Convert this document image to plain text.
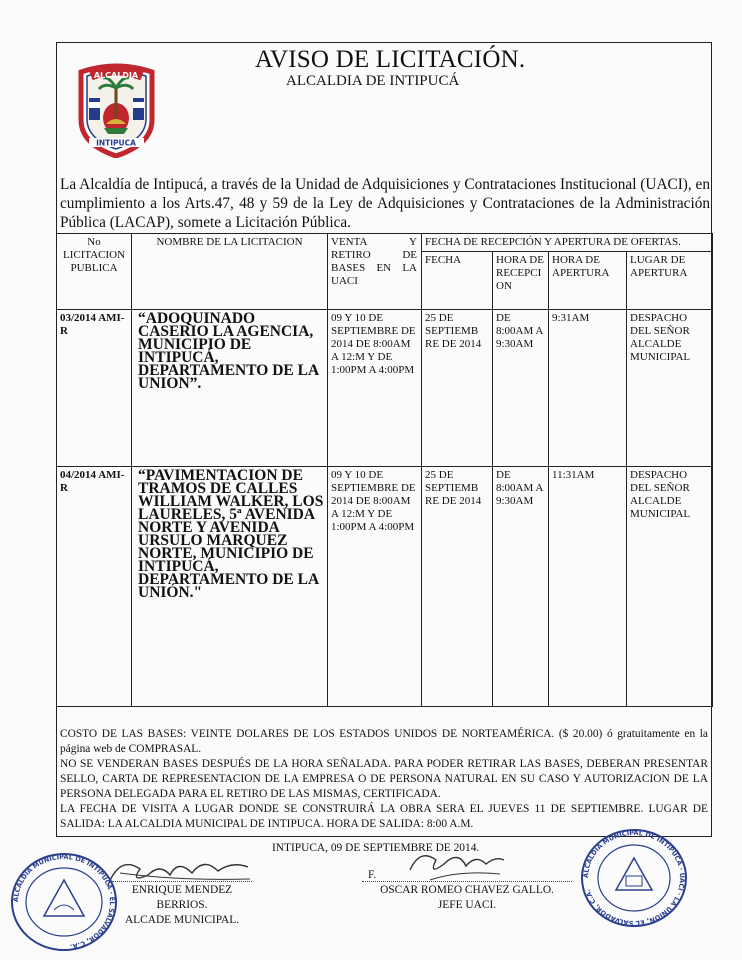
ALCALDIA
INTIPUCA
AVISO DE LICITACIÓN.
ALCALDIA DE INTIPUCÁ
La Alcaldía de Intipucá, a través de la Unidad de Adquisiciones y Contrataciones Institucional (UACI), en cumplimiento a los Arts.47, 48 y 59 de la Ley de Adquisiciones y Contrataciones de la Administración Pública (LACAP), somete a Licitación Pública.
No LICITACION PUBLICA	NOMBRE DE LA LICITACION	VENTA Y RETIRO DE BASES EN LA UACI	FECHA DE RECEPCIÓN Y APERTURA DE OFERTAS.			
			FECHA	HORA DE RECEPCI ON	HORA DE APERTURA	LUGAR DE APERTURA
03/2014 AMI-R	“ADOQUINADO CASERIO LA AGENCIA, MUNICIPIO DE INTIPUCÁ, DEPARTAMENTO DE LA UNION”.	09 Y 10 DE SEPTIEMBRE DE 2014 DE 8:00AM A 12:M Y DE 1:00PM A 4:00PM	25 DE SEPTIEMB RE DE 2014	DE 8:00AM A 9:30AM	9:31AM	DESPACHO DEL SEÑOR ALCALDE MUNICIPAL
04/2014 AMI-R	“PAVIMENTACION DE TRAMOS DE CALLES WILLIAM WALKER, LOS LAURELES, 5ª AVENIDA NORTE Y AVENIDA URSULO MARQUEZ NORTE, MUNICIPIO DE INTIPUCÁ, DEPARTAMENTO DE LA UNIÓN."	09 Y 10 DE SEPTIEMBRE DE 2014 DE 8:00AM A 12:M Y DE 1:00PM A 4:00PM	25 DE SEPTIEMB RE DE 2014	DE 8:00AM A 9:30AM	11:31AM	DESPACHO DEL SEÑOR ALCALDE MUNICIPAL

COSTO DE LAS BASES: VEINTE DOLARES DE LOS ESTADOS UNIDOS DE NORTEAMÉRICA. ($ 20.00) ó gratuitamente en la página web de COMPRASAL.

NO SE VENDERAN BASES DESPUÉS DE LA HORA SEÑALADA. PARA PODER RETIRAR LAS BASES, DEBERAN PRESENTAR SELLO, CARTA DE REPRESENTACION DE LA EMPRESA O DE PERSONA NATURAL EN SU CASO Y AUTORIZACION DE LA PERSONA DELEGADA PARA EL RETIRO DE LAS MISMAS, CERTIFICADA.

LA FECHA DE VISITA A LUGAR DONDE SE CONSTRUIRÁ LA OBRA SERA EL JUEVES 11 DE SEPTIEMBRE. LUGAR DE SALIDA: LA ALCALDIA MUNICIPAL DE INTIPUCA. HORA DE SALIDA: 8:00 A.M.

INTIPUCA, 09 DE SEPTIEMBRE DE 2014.
F.
ENRIQUE MENDEZ BERRIOS.
ALCADE MUNICIPAL.
OSCAR ROMEO CHAVEZ GALLO.
JEFE UACI.
ALCALDIA MUNICIPAL DE INTIPUCA · EL SALVADOR, C.A.
ALCALDIA MUNICIPAL DE INTIPUCA · UACI · LA UNION, EL SALVADOR, C.A.
